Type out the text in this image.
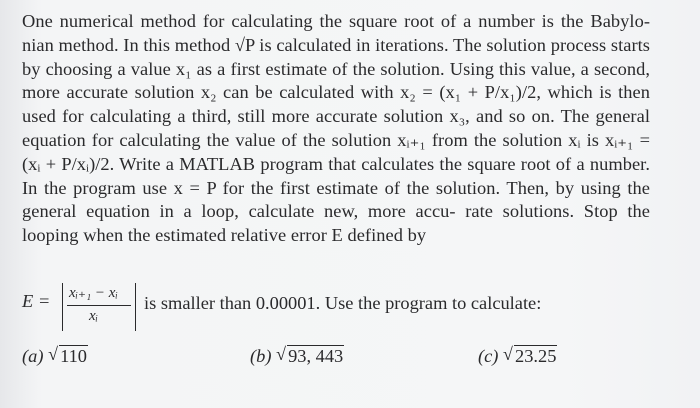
One numerical method for calculating the square root of a number is the Babylo- nian method. In this method √P is calculated in iterations. The solution process starts by choosing a value x₁ as a first estimate of the solution. Using this value, a second, more accurate solution x₂ can be calculated with x₂ = (x₁ + P/x₁)/2, which is then used for calculating a third, still more accurate solution x₃, and so on. The general equation for calculating the value of the solution xᵢ₊₁ from the solution xᵢ is xᵢ₊₁ = (xᵢ + P/xᵢ)/2. Write a MATLAB program that calculates the square root of a number. In the program use x = P for the first estimate of the solution. Then, by using the general equation in a loop, calculate new, more accu- rate solutions. Stop the looping when the estimated relative error E defined by
E = xᵢ₊₁ − xᵢ
xᵢ
is smaller than 0.00001. Use the program to calculate:
(a) √ 110	(b) √ 93, 443	(c) √ 23.25
